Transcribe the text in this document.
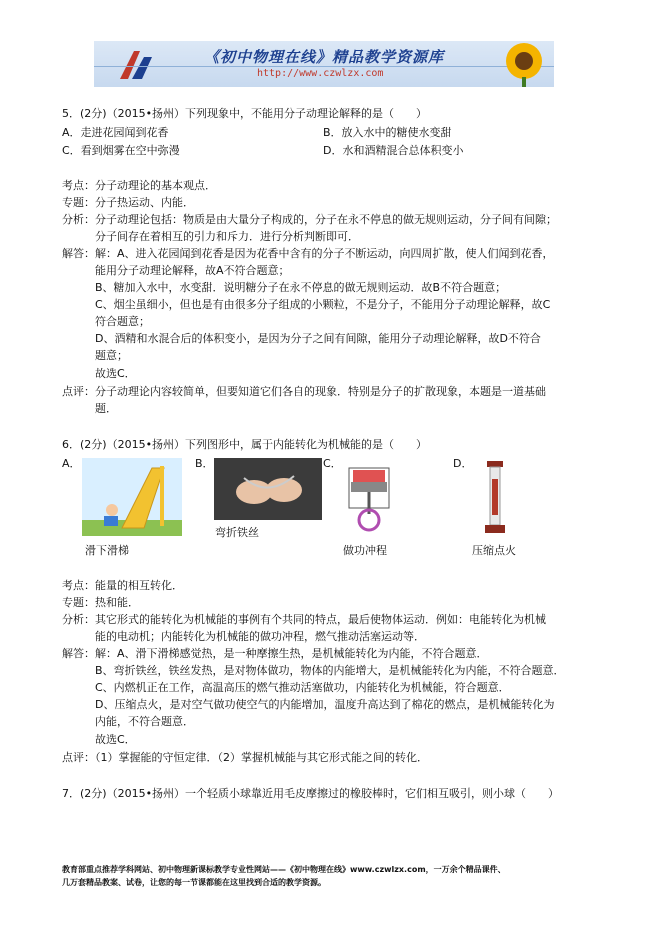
《初中物理在线》精品教学资源库
http://www.czwlzx.com
5．(2分)（2015•扬州）下列现象中，不能用分子动理论解释的是（　　）
A．走进花园闻到花香	B．放入水中的糖使水变甜
C．看到烟雾在空中弥漫	D．水和酒精混合总体积变小
考点：分子动理论的基本观点．
专题：分子热运动、内能．
分析：分子动理论包括：物质是由大量分子构成的，分子在永不停息的做无规则运动，分子间有间隙；
　　　分子间存在着相互的引力和斥力．进行分析判断即可．
解答：解：A、进入花园闻到花香是因为花香中含有的分子不断运动，向四周扩散，使人们闻到花香，
　　　能用分子动理论解释，故A不符合题意；
　　　B、糖加入水中，水变甜．说明糖分子在永不停息的做无规则运动．故B不符合题意；
　　　C、烟尘虽细小，但也是有由很多分子组成的小颗粒，不是分子，不能用分子动理论解释，故C
　　　符合题意；
　　　D、酒精和水混合后的体积变小，是因为分子之间有间隙，能用分子动理论解释，故D不符合
　　　题意；
　　　故选C．
点评：分子动理论内容较简单，但要知道它们各自的现象．特别是分子的扩散现象，本题是一道基础
　　　题．
6．(2分)（2015•扬州）下列图形中，属于内能转化为机械能的是（　　）
A．	B．	C．	D．
滑下滑梯
弯折铁丝
做功冲程	压缩点火
考点：能量的相互转化．
专题：热和能．
分析：其它形式的能转化为机械能的事例有个共同的特点，最后使物体运动．例如：电能转化为机械
　　　能的电动机；内能转化为机械能的做功冲程，燃气推动活塞运动等．
解答：解：A、滑下滑梯感觉热，是一种摩擦生热，是机械能转化为内能，不符合题意．
　　　B、弯折铁丝，铁丝发热，是对物体做功，物体的内能增大，是机械能转化为内能，不符合题意．
　　　C、内燃机正在工作，高温高压的燃气推动活塞做功，内能转化为机械能，符合题意．
　　　D、压缩点火，是对空气做功使空气的内能增加，温度升高达到了棉花的燃点，是机械能转化为
　　　内能，不符合题意．
　　　故选C．
点评：（1）掌握能的守恒定律．（2）掌握机械能与其它形式能之间的转化．
7．(2分)（2015•扬州）一个轻质小球靠近用毛皮摩擦过的橡胶棒时，它们相互吸引，则小球（　　）
教育部重点推荐学科网站、初中物理新课标教学专业性网站——《初中物理在线》www.czwlzx.com，一万余个精品课件、
几万套精品教案、试卷，让您的每一节课都能在这里找到合适的教学资源。
